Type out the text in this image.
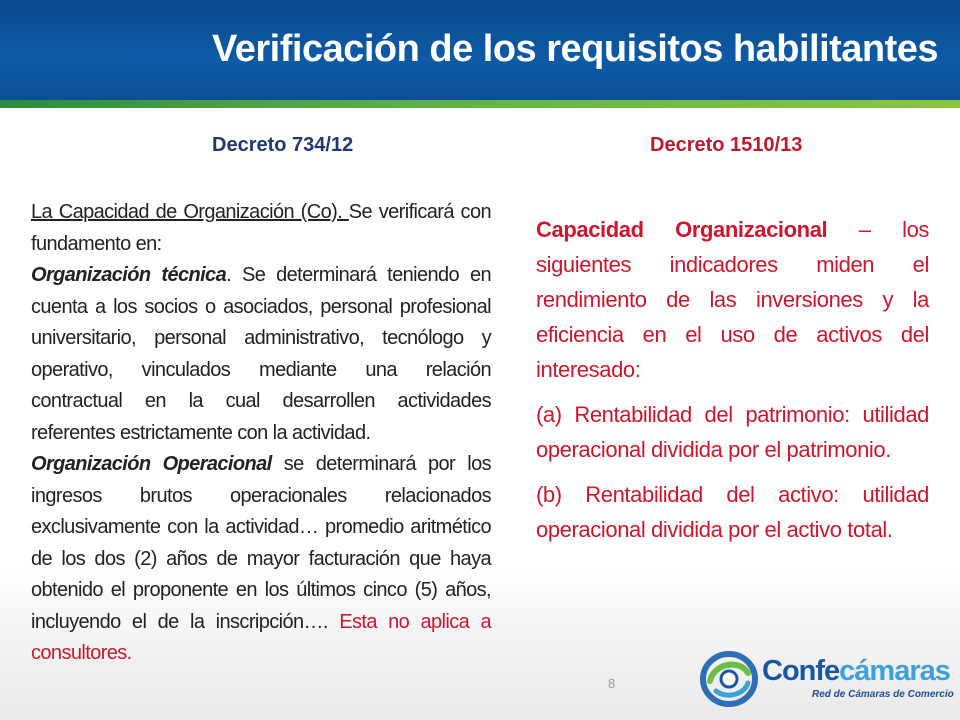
Verificación de los requisitos habilitantes
Decreto 734/12	Decreto 1510/13

La Capacidad de Organización (Co). Se verificará con fundamento en:

Organización técnica. Se determinará teniendo en cuenta a los socios o asociados, personal profesional universitario, personal administrativo, tecnólogo y operativo, vinculados mediante una relación contractual en la cual desarrollen actividades referentes estrictamente con la actividad.

Organización Operacional se determinará por los ingresos brutos operacionales relacionados exclusivamente con la actividad… promedio aritmético de los dos (2) años de mayor facturación que haya obtenido el proponente en los últimos cinco (5) años, incluyendo el de la inscripción…. Esta no aplica a consultores.

Capacidad Organizacional – los siguientes indicadores miden el rendimiento de las inversiones y la eficiencia en el uso de activos del interesado:

(a) Rentabilidad del patrimonio: utilidad operacional dividida por el patrimonio.

(b) Rentabilidad del activo: utilidad operacional dividida por el activo total.

8	Confecámaras
Red de Cámaras de Comercio
